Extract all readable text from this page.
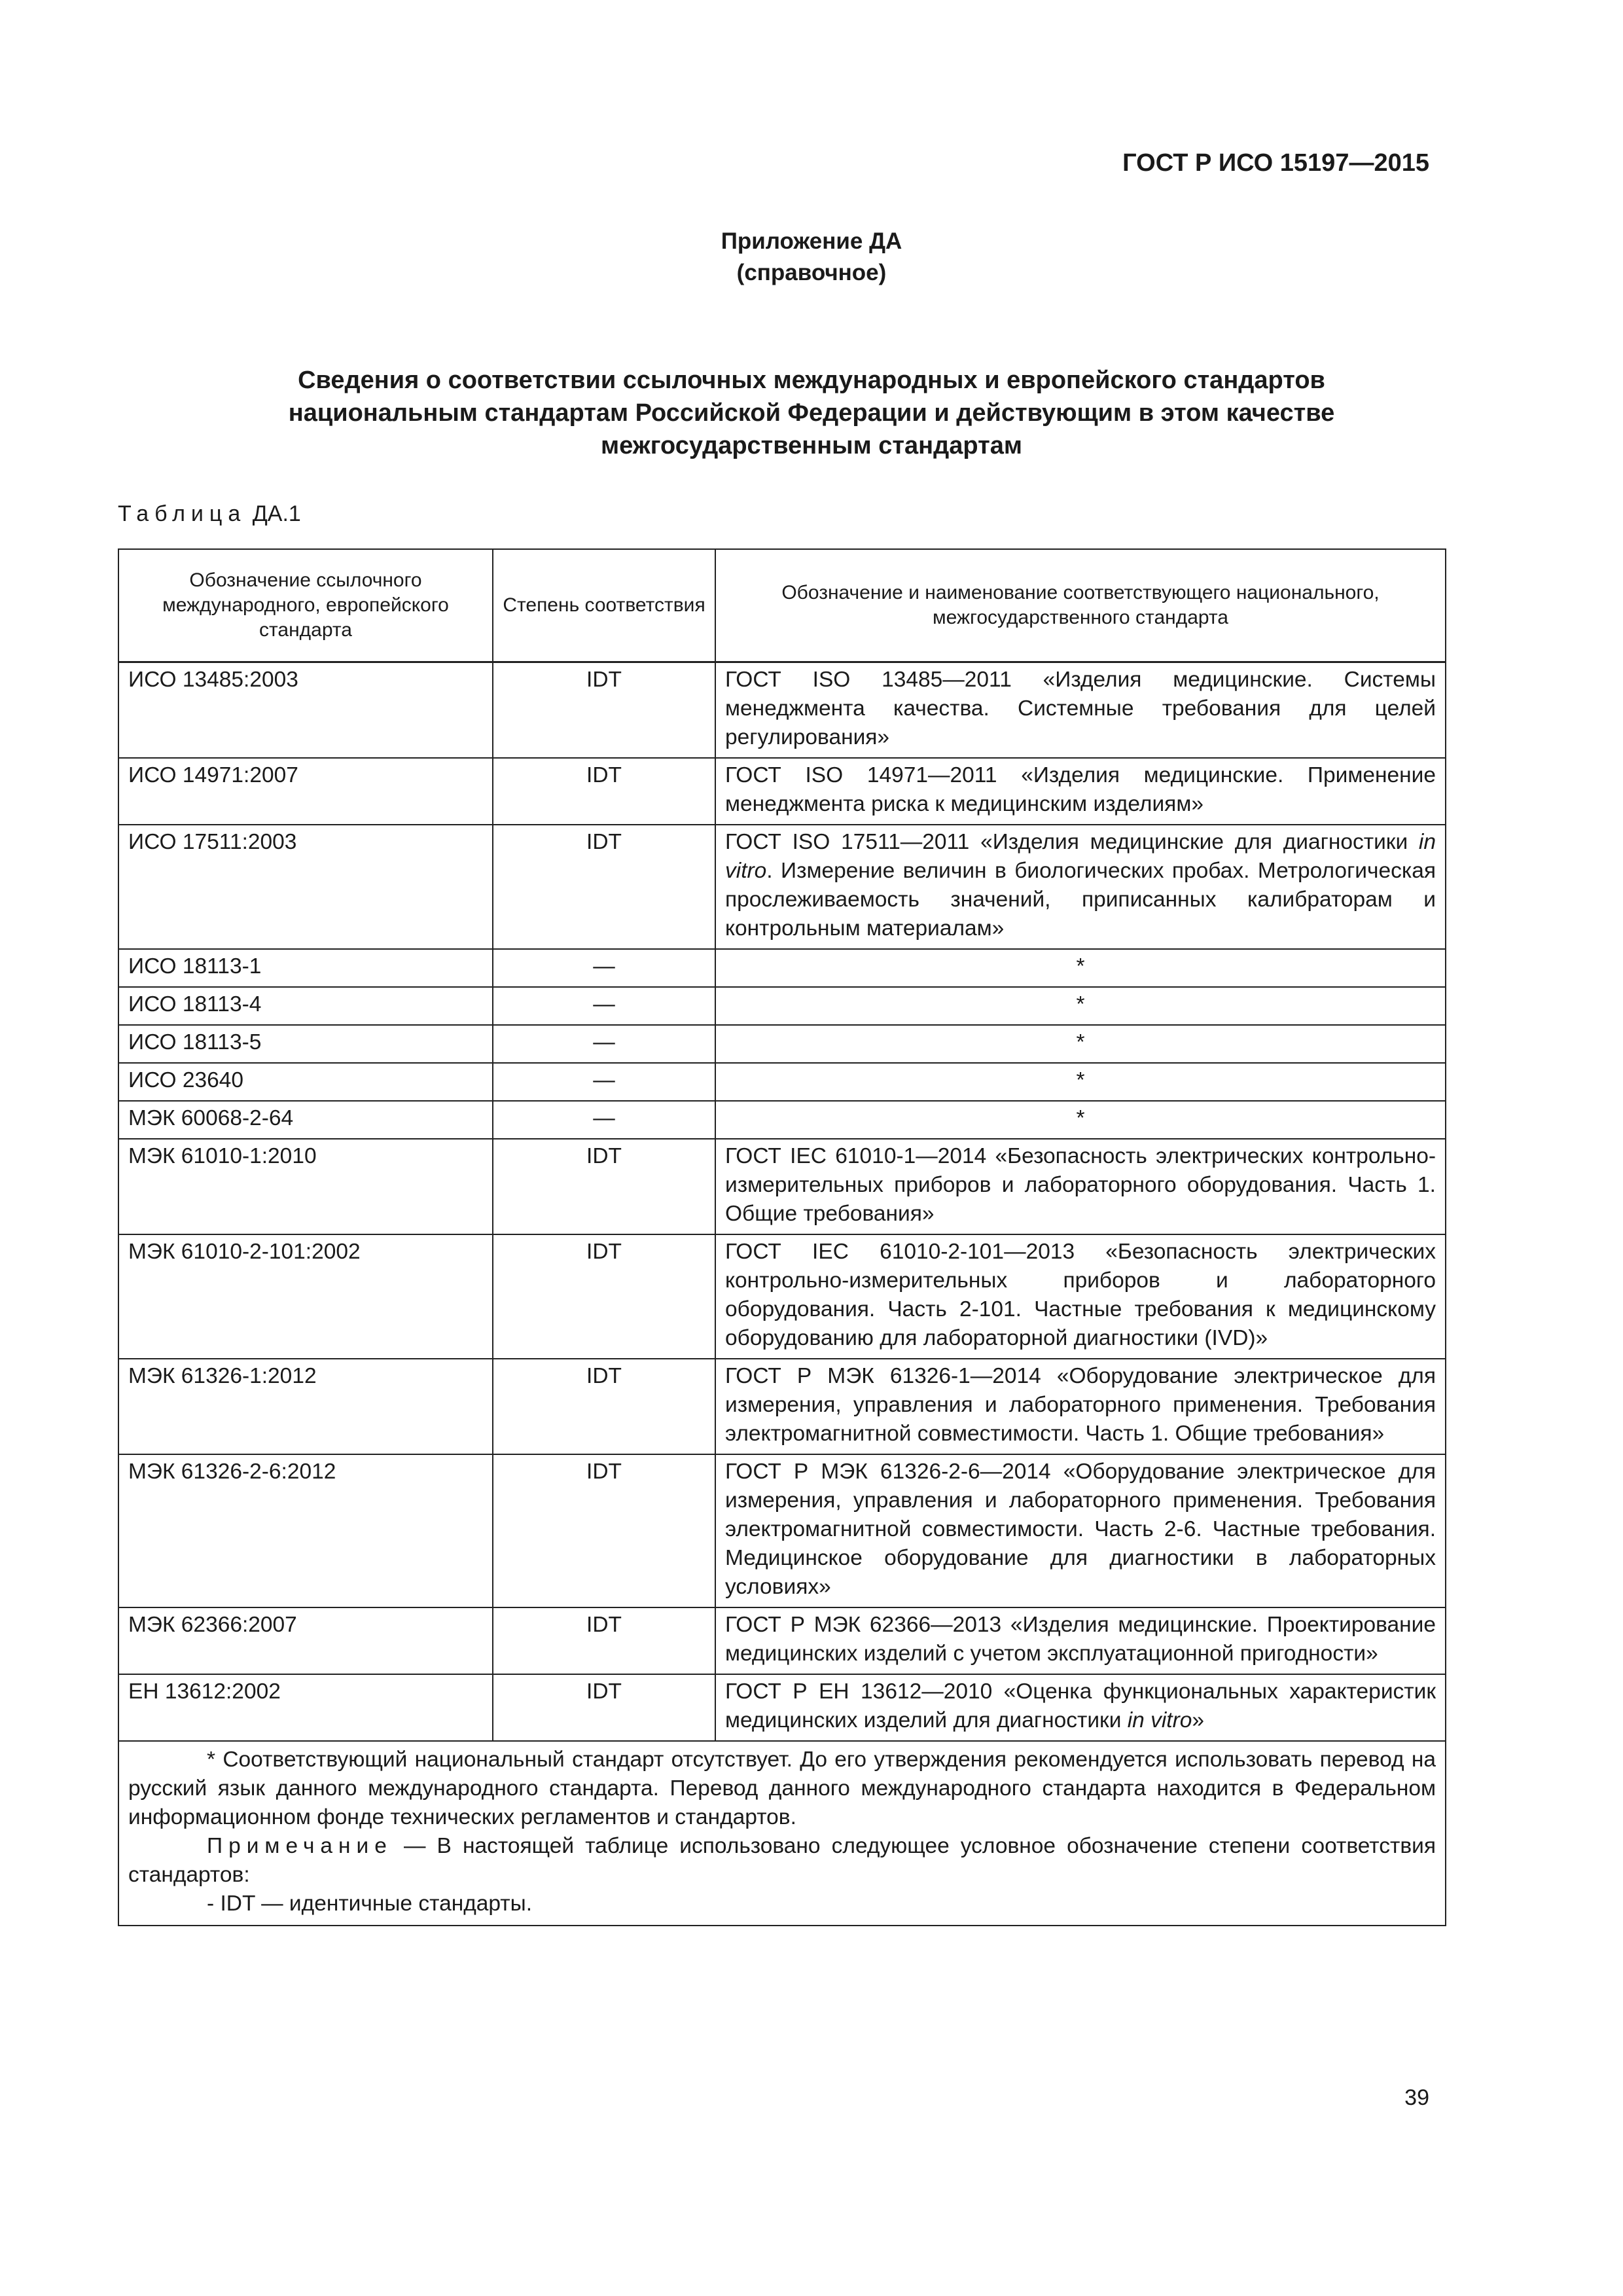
ГОСТ Р ИСО 15197—2015
Приложение ДА
(справочное)
Сведения о соответствии ссылочных международных и европейского стандартов
национальным стандартам Российской Федерации и действующим в этом качестве
межгосударственным стандартам
Таблица ДА.1
Обозначение ссылочного международного, европейского стандарта	Степень соответствия	Обозначение и наименование соответствующего национального, межгосударственного стандарта
ИСО 13485:2003	IDT	ГОСТ ISO 13485—2011 «Изделия медицинские. Системы менеджмента качества. Системные требования для целей регулирования»
ИСО 14971:2007	IDT	ГОСТ ISO 14971—2011 «Изделия медицинские. Применение менеджмента риска к медицинским изделиям»
ИСО 17511:2003	IDT	ГОСТ ISO 17511—2011 «Изделия медицинские для диагностики in vitro. Измерение величин в биологических пробах. Метрологическая прослеживаемость значений, приписанных калибраторам и контрольным материалам»
ИСО 18113-1	—	*
ИСО 18113-4	—	*
ИСО 18113-5	—	*
ИСО 23640	—	*
МЭК 60068-2-64	—	*
МЭК 61010-1:2010	IDT	ГОСТ IEC 61010-1—2014 «Безопасность электрических контрольно-измерительных приборов и лабораторного оборудования. Часть 1. Общие требования»
МЭК 61010-2-101:2002	IDT	ГОСТ IEC 61010-2-101—2013 «Безопасность электрических контрольно-измерительных приборов и лабораторного оборудования. Часть 2-101. Частные требования к медицинскому оборудованию для лабораторной диагностики (IVD)»
МЭК 61326-1:2012	IDT	ГОСТ Р МЭК 61326-1—2014 «Оборудование электрическое для измерения, управления и лабораторного применения. Требования электромагнитной совместимости. Часть 1. Общие требования»
МЭК 61326-2-6:2012	IDT	ГОСТ Р МЭК 61326-2-6—2014 «Оборудование электрическое для измерения, управления и лабораторного применения. Требования электромагнитной совместимости. Часть 2-6. Частные требования. Медицинское оборудование для диагностики в лабораторных условиях»
МЭК 62366:2007	IDT	ГОСТ Р МЭК 62366—2013 «Изделия медицинские. Проектирование медицинских изделий с учетом эксплуатационной пригодности»
ЕН 13612:2002	IDT	ГОСТ Р ЕН 13612—2010 «Оценка функциональных характеристик медицинских изделий для диагностики in vitro»

* Соответствующий национальный стандарт отсутствует. До его утверждения рекомендуется использовать перевод на русский язык данного международного стандарта. Перевод данного международного стандарта находится в Федеральном информационном фонде технических регламентов и стандартов.
Примечание — В настоящей таблице использовано следующее условное обозначение степени соответствия стандартов:
- IDT — идентичные стандарты.		
39
